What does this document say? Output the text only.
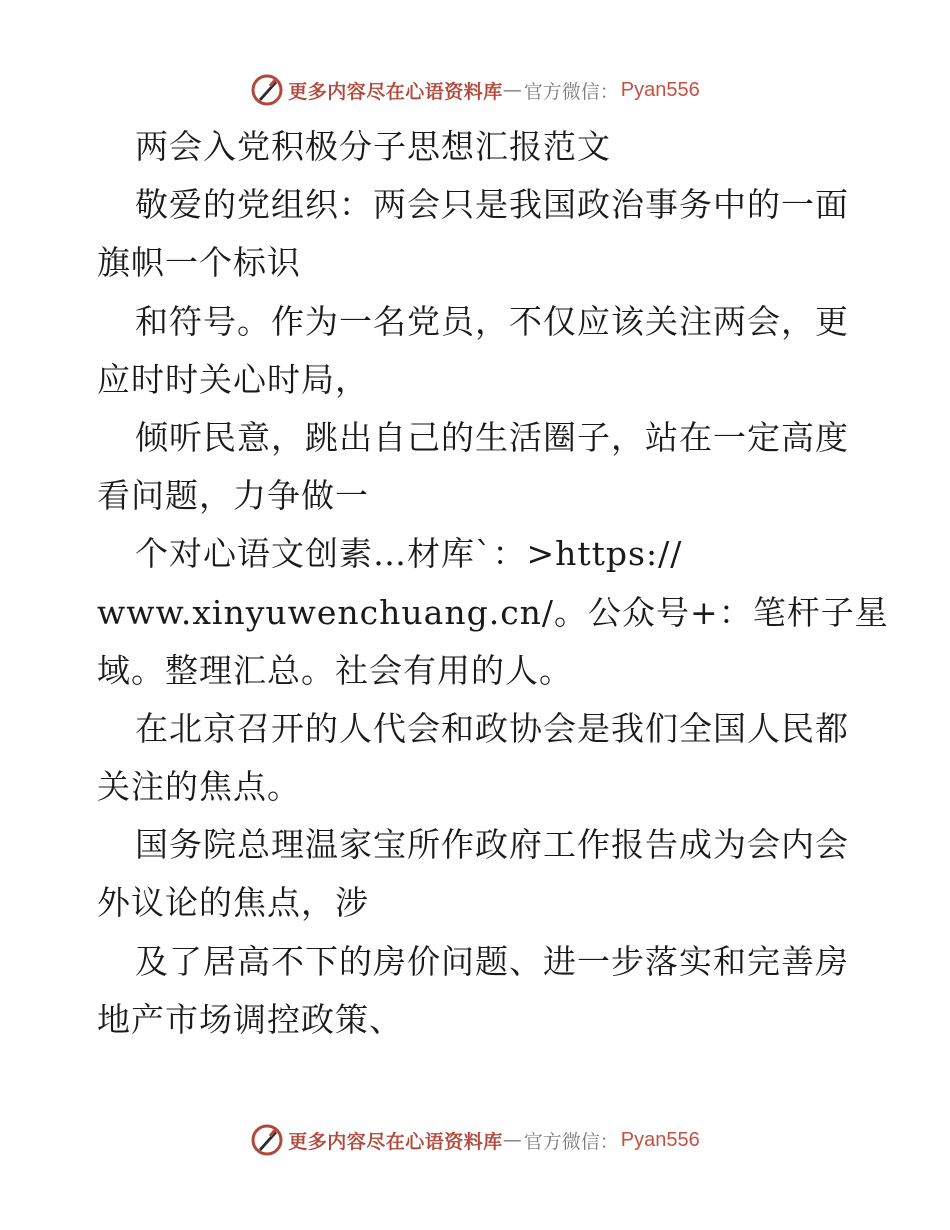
更多内容尽在心语资料库 — 官方微信： Pyan556
两会入党积极分子思想汇报范文
敬爱的党组织：两会只是我国政治事务中的一面
旗帜一个标识
和符号。作为一名党员，不仅应该关注两会，更
应时时关心时局，
倾听民意，跳出自己的生活圈子，站在一定高度
看问题，力争做一
个对心语文创素…材库`：>https://
www.xinyuwenchuang.cn/。公众号+：笔杆子星
域。整理汇总。社会有用的人。
在北京召开的人代会和政协会是我们全国人民都
关注的焦点。
国务院总理温家宝所作政府工作报告成为会内会
外议论的焦点，涉
及了居高不下的房价问题、进一步落实和完善房
地产市场调控政策、
更多内容尽在心语资料库 — 官方微信： Pyan556
